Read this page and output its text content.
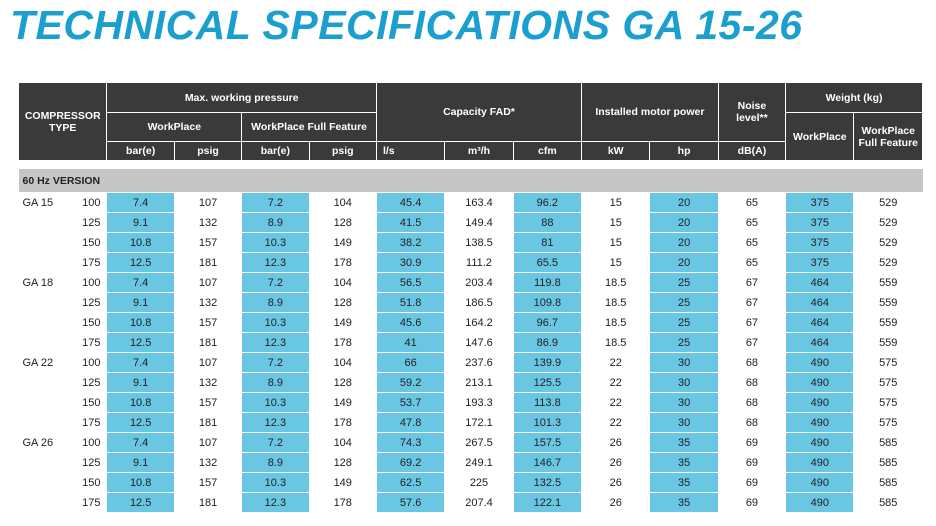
TECHNICAL SPECIFICATIONS GA 15-26
COMPRESSOR TYPE		Max. working pressure				Capacity FAD*			Installed motor power		Noise level**	Weight (kg)	
		WorkPlace		WorkPlace Full Feature								WorkPlace	WorkPlace Full Feature
		bar(e)	psig	bar(e)	psig	l/s	m³/h	cfm	kW	hp	dB(A)		

60 Hz VERSION													
GA 15	100	7.4	107	7.2	104	45.4	163.4	96.2	15	20	65	375	529
	125	9.1	132	8.9	128	41.5	149.4	88	15	20	65	375	529
	150	10.8	157	10.3	149	38.2	138.5	81	15	20	65	375	529
	175	12.5	181	12.3	178	30.9	111.2	65.5	15	20	65	375	529
GA 18	100	7.4	107	7.2	104	56.5	203.4	119.8	18.5	25	67	464	559
	125	9.1	132	8.9	128	51.8	186.5	109.8	18.5	25	67	464	559
	150	10.8	157	10.3	149	45.6	164.2	96.7	18.5	25	67	464	559
	175	12.5	181	12.3	178	41	147.6	86.9	18.5	25	67	464	559
GA 22	100	7.4	107	7.2	104	66	237.6	139.9	22	30	68	490	575
	125	9.1	132	8.9	128	59.2	213.1	125.5	22	30	68	490	575
	150	10.8	157	10.3	149	53.7	193.3	113.8	22	30	68	490	575
	175	12.5	181	12.3	178	47.8	172.1	101.3	22	30	68	490	575
GA 26	100	7.4	107	7.2	104	74.3	267.5	157.5	26	35	69	490	585
	125	9.1	132	8.9	128	69.2	249.1	146.7	26	35	69	490	585
	150	10.8	157	10.3	149	62.5	225	132.5	26	35	69	490	585
	175	12.5	181	12.3	178	57.6	207.4	122.1	26	35	69	490	585
